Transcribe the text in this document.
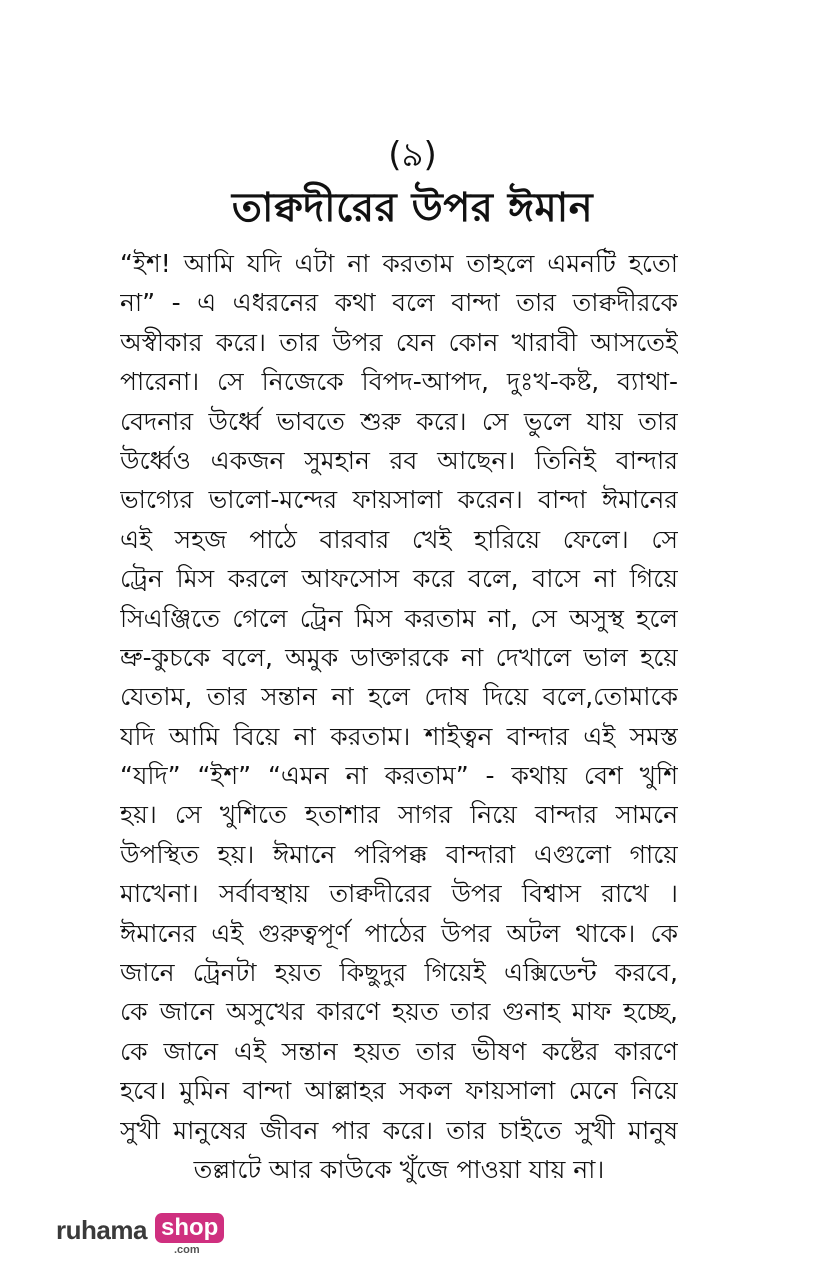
(৯)
তাক্বদীরের উপর ঈমান
“ইশ! আমি যদি এটা না করতাম তাহলে এমনটি হতো
না” - এ এধরনের কথা বলে বান্দা তার তাক্বদীরকে
অস্বীকার করে। তার উপর যেন কোন খারাবী আসতেই
পারেনা। সে নিজেকে বিপদ-আপদ, দুঃখ-কষ্ট, ব্যাথা-
বেদনার উর্ধ্বে ভাবতে শুরু করে। সে ভুলে যায় তার
উর্ধ্বেও একজন সুমহান রব আছেন। তিনিই বান্দার
ভাগ্যের ভালো-মন্দের ফায়সালা করেন। বান্দা ঈমানের
এই সহজ পাঠে বারবার খেই হারিয়ে ফেলে। সে
ট্রেন মিস করলে আফসোস করে বলে, বাসে না গিয়ে
সিএঞ্জিতে গেলে ট্রেন মিস করতাম না, সে অসুস্থ হলে
ভ্রু-কুচকে বলে, অমুক ডাক্তারকে না দেখালে ভাল হয়ে
যেতাম, তার সন্তান না হলে দোষ দিয়ে বলে,তোমাকে
যদি আমি বিয়ে না করতাম। শাইত্বন বান্দার এই সমস্ত
“যদি” “ইশ” “এমন না করতাম” - কথায় বেশ খুশি
হয়। সে খুশিতে হতাশার সাগর নিয়ে বান্দার সামনে
উপস্থিত হয়। ঈমানে পরিপক্ক বান্দারা এগুলো গায়ে
মাখেনা। সর্বাবস্থায় তাক্বদীরের উপর বিশ্বাস রাখে ।
ঈমানের এই গুরুত্বপূর্ণ পাঠের উপর অটল থাকে। কে
জানে ট্রেনটা হয়ত কিছুদুর গিয়েই এক্সিডেন্ট করবে,
কে জানে অসুখের কারণে হয়ত তার গুনাহ মাফ হচ্ছে,
কে জানে এই সন্তান হয়ত তার ভীষণ কষ্টের কারণে
হবে। মুমিন বান্দা আল্লাহর সকল ফায়সালা মেনে নিয়ে
সুখী মানুষের জীবন পার করে। তার চাইতে সুখী মানুষ
তল্লাটে আর কাউকে খুঁজে পাওয়া যায় না।
ruhama shop
.com
